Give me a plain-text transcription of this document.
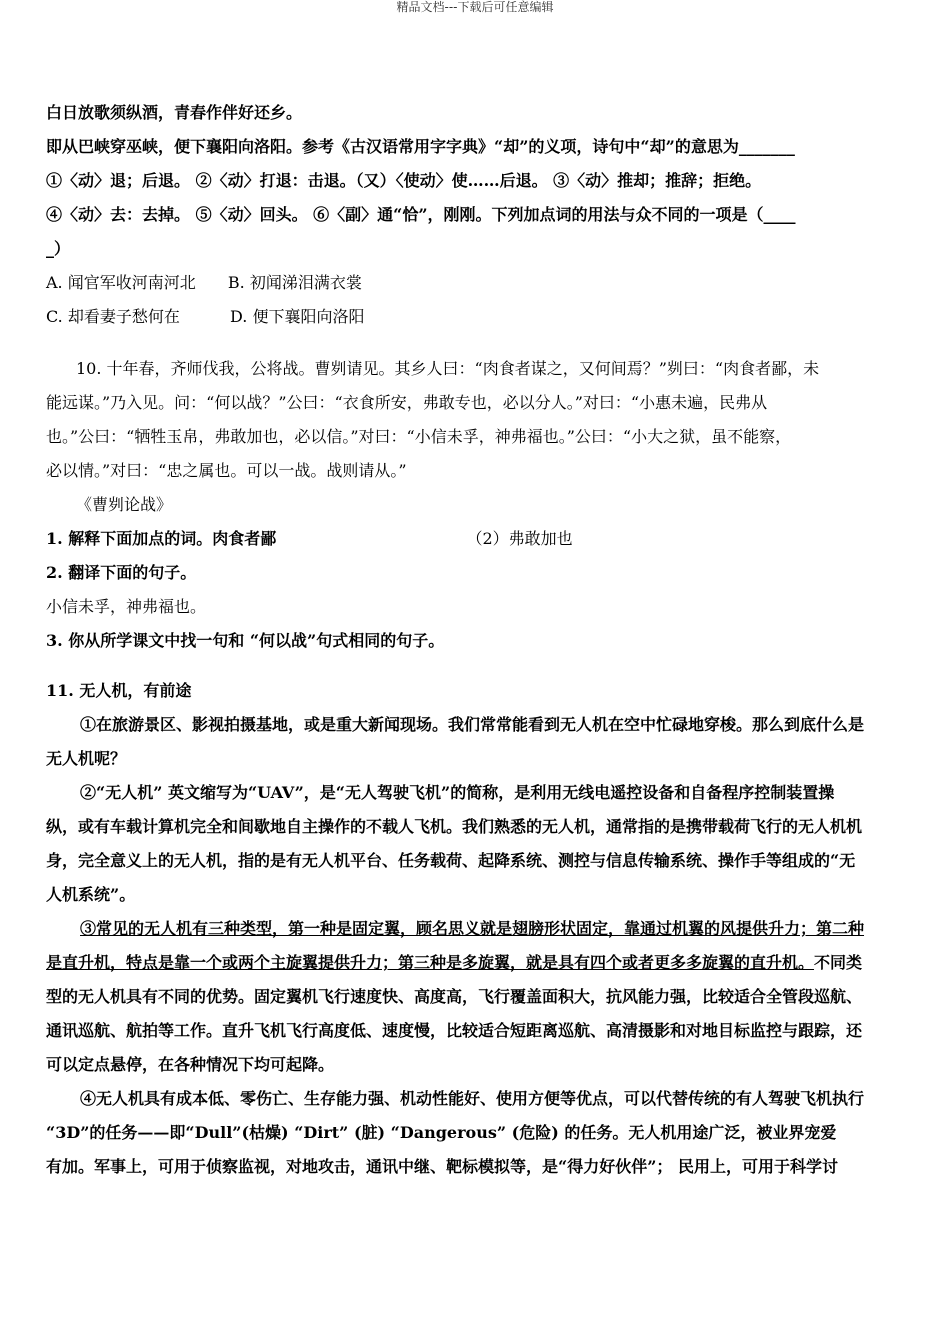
精品文档---下载后可任意编辑

白日放歌须纵酒，青春作伴好还乡。

即从巴峡穿巫峡，便下襄阳向洛阳。参考《古汉语常用字字典》“却”的义项，诗句中“却”的意思为_______

①〈动〉退；后退。 ②〈动〉打退：击退。（又）〈使动〉使……后退。 ③〈动〉推却；推辞；拒绝。

④〈动〉去：去掉。 ⑤〈动〉回头。 ⑥〈副〉通“恰”，刚刚。下列加点词的用法与众不同的一项是（____

_）

A. 闻官军收河南河北 B. 初闻涕泪满衣裳

C. 却看妻子愁何在	D. 便下襄阳向洛阳

10. 十年春，齐师伐我，公将战。曹刿请见。其乡人曰：“肉食者谋之，又何间焉？”刿曰：“肉食者鄙，未

能远谋。”乃入见。问：“何以战？”公曰：“衣食所安，弗敢专也，必以分人。”对曰：“小惠未遍，民弗从

也。”公曰：“牺牲玉帛，弗敢加也，必以信。”对曰：“小信未孚，神弗福也。”公曰：“小大之狱，虽不能察，

必以情。”对曰：“忠之属也。可以一战。战则请从。”

《曹刿论战》

1. 解释下面加点的词。肉食者鄙	（2）弗敢加也

2. 翻译下面的句子。

小信未孚，神弗福也。

3. 你从所学课文中找一句和 “何以战”句式相同的句子。

11. 无人机，有前途

①在旅游景区、影视拍摄基地，或是重大新闻现场。我们常常能看到无人机在空中忙碌地穿梭。那么到底什么是

无人机呢？

②“无人机” 英文缩写为“UAV”，是“无人驾驶飞机”的简称，是利用无线电遥控设备和自备程序控制装置操

纵，或有车载计算机完全和间歇地自主操作的不载人飞机。我们熟悉的无人机，通常指的是携带载荷飞行的无人机机

身，完全意义上的无人机，指的是有无人机平台、任务载荷、起降系统、测控与信息传输系统、操作手等组成的“无

人机系统”。

③常见的无人机有三种类型，第一种是固定翼，顾名思义就是翅膀形状固定，靠通过机翼的风提供升力；第二种

是直升机，特点是靠一个或两个主旋翼提供升力；第三种是多旋翼，就是具有四个或者更多多旋翼的直升机。不同类

型的无人机具有不同的优势。固定翼机飞行速度快、高度高，飞行覆盖面积大，抗风能力强，比较适合全管段巡航、

通讯巡航、航拍等工作。直升飞机飞行高度低、速度慢，比较适合短距离巡航、高清摄影和对地目标监控与跟踪，还

可以定点悬停，在各种情况下均可起降。

④无人机具有成本低、零伤亡、生存能力强、机动性能好、使用方便等优点，可以代替传统的有人驾驶飞机执行

“3D”的任务——即“Dull”(枯燥) “Dirt” (脏) “Dangerous” (危险) 的任务。无人机用途广泛，被业界宠爱

有加。军事上，可用于侦察监视，对地攻击，通讯中继、靶标模拟等，是“得力好伙伴”； 民用上，可用于科学讨
